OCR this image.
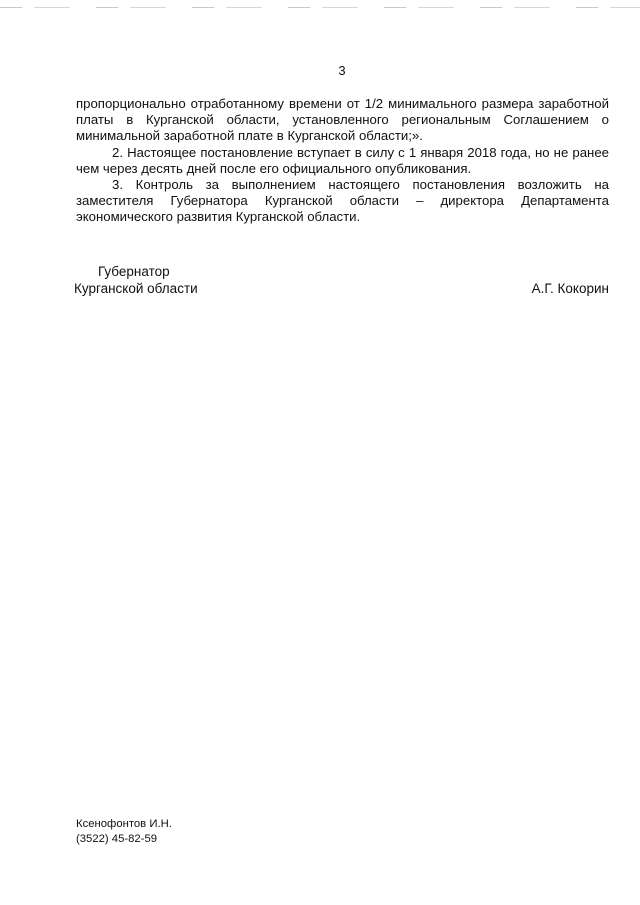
3

пропорционально отработанному времени от 1/2 минимального размера заработной платы в Курганской области, установленного региональным Соглашением о минимальной заработной плате в Курганской области;».

2. Настоящее постановление вступает в силу с 1 января 2018 года, но не ранее чем через десять дней после его официального опубликования.

3. Контроль за выполнением настоящего постановления возложить на заместителя Губернатора Курганской области – директора Департамента экономического развития Курганской области.

Губернатор
Курганской области	А.Г. Кокорин
Ксенофонтов И.Н.
(3522) 45-82-59
